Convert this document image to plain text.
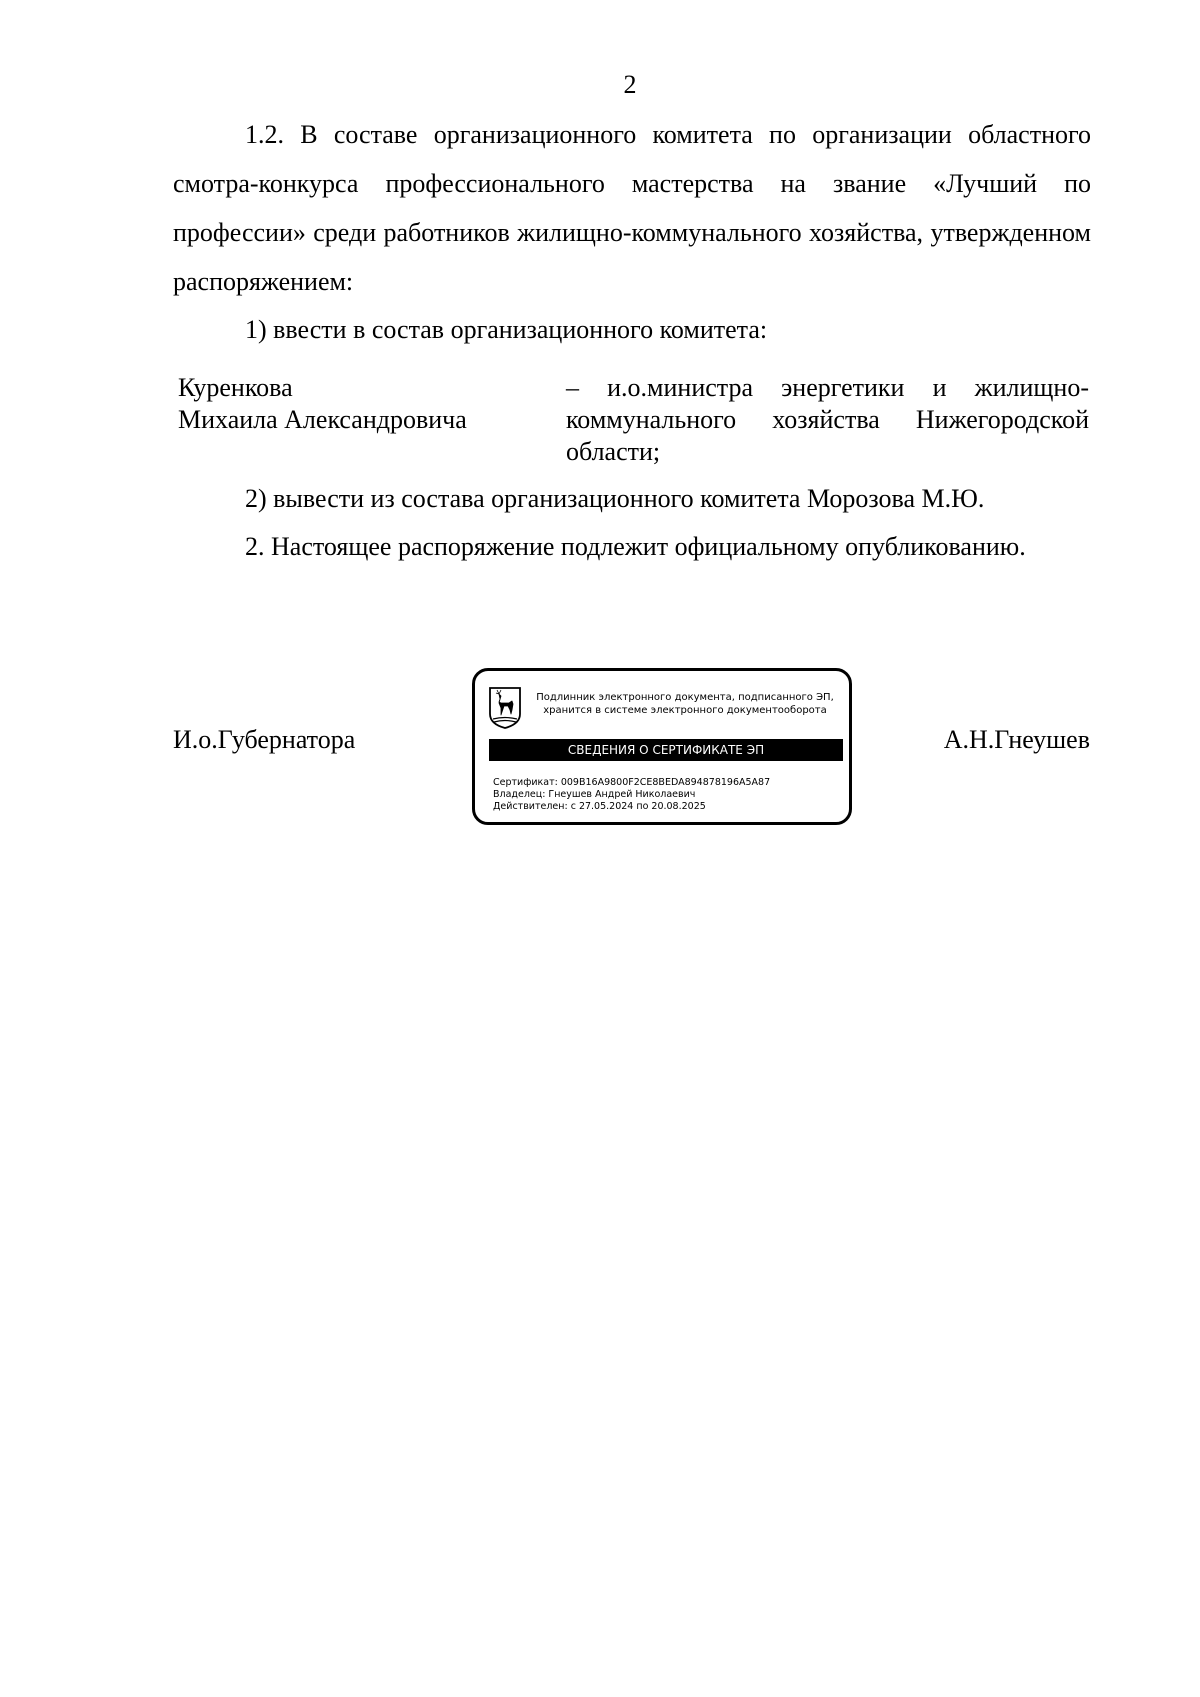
2

1.2. В составе организационного комитета по организации областного смотра-конкурса профессионального мастерства на звание «Лучший по профессии» среди работников жилищно-коммунального хозяйства, утвержденном распоряжением:

1) ввести в состав организационного комитета:

Куренкова
Михаила Александровича
– и.о.министра энергетики и жилищно-коммунального хозяйства Нижегородской области;

2) вывести из состава организационного комитета Морозова М.Ю.

2. Настоящее распоряжение подлежит официальному опубликованию.

И.о.Губернатора
Подлинник электронного документа, подписанного ЭП,
хранится в системе электронного документооборота
СВЕДЕНИЯ О СЕРТИФИКАТЕ ЭП
Сертификат: 009B16A9800F2CE8BEDA894878196A5A87
Владелец: Гнеушев Андрей Николаевич
Действителен: с 27.05.2024 по 20.08.2025
А.Н.Гнеушев
